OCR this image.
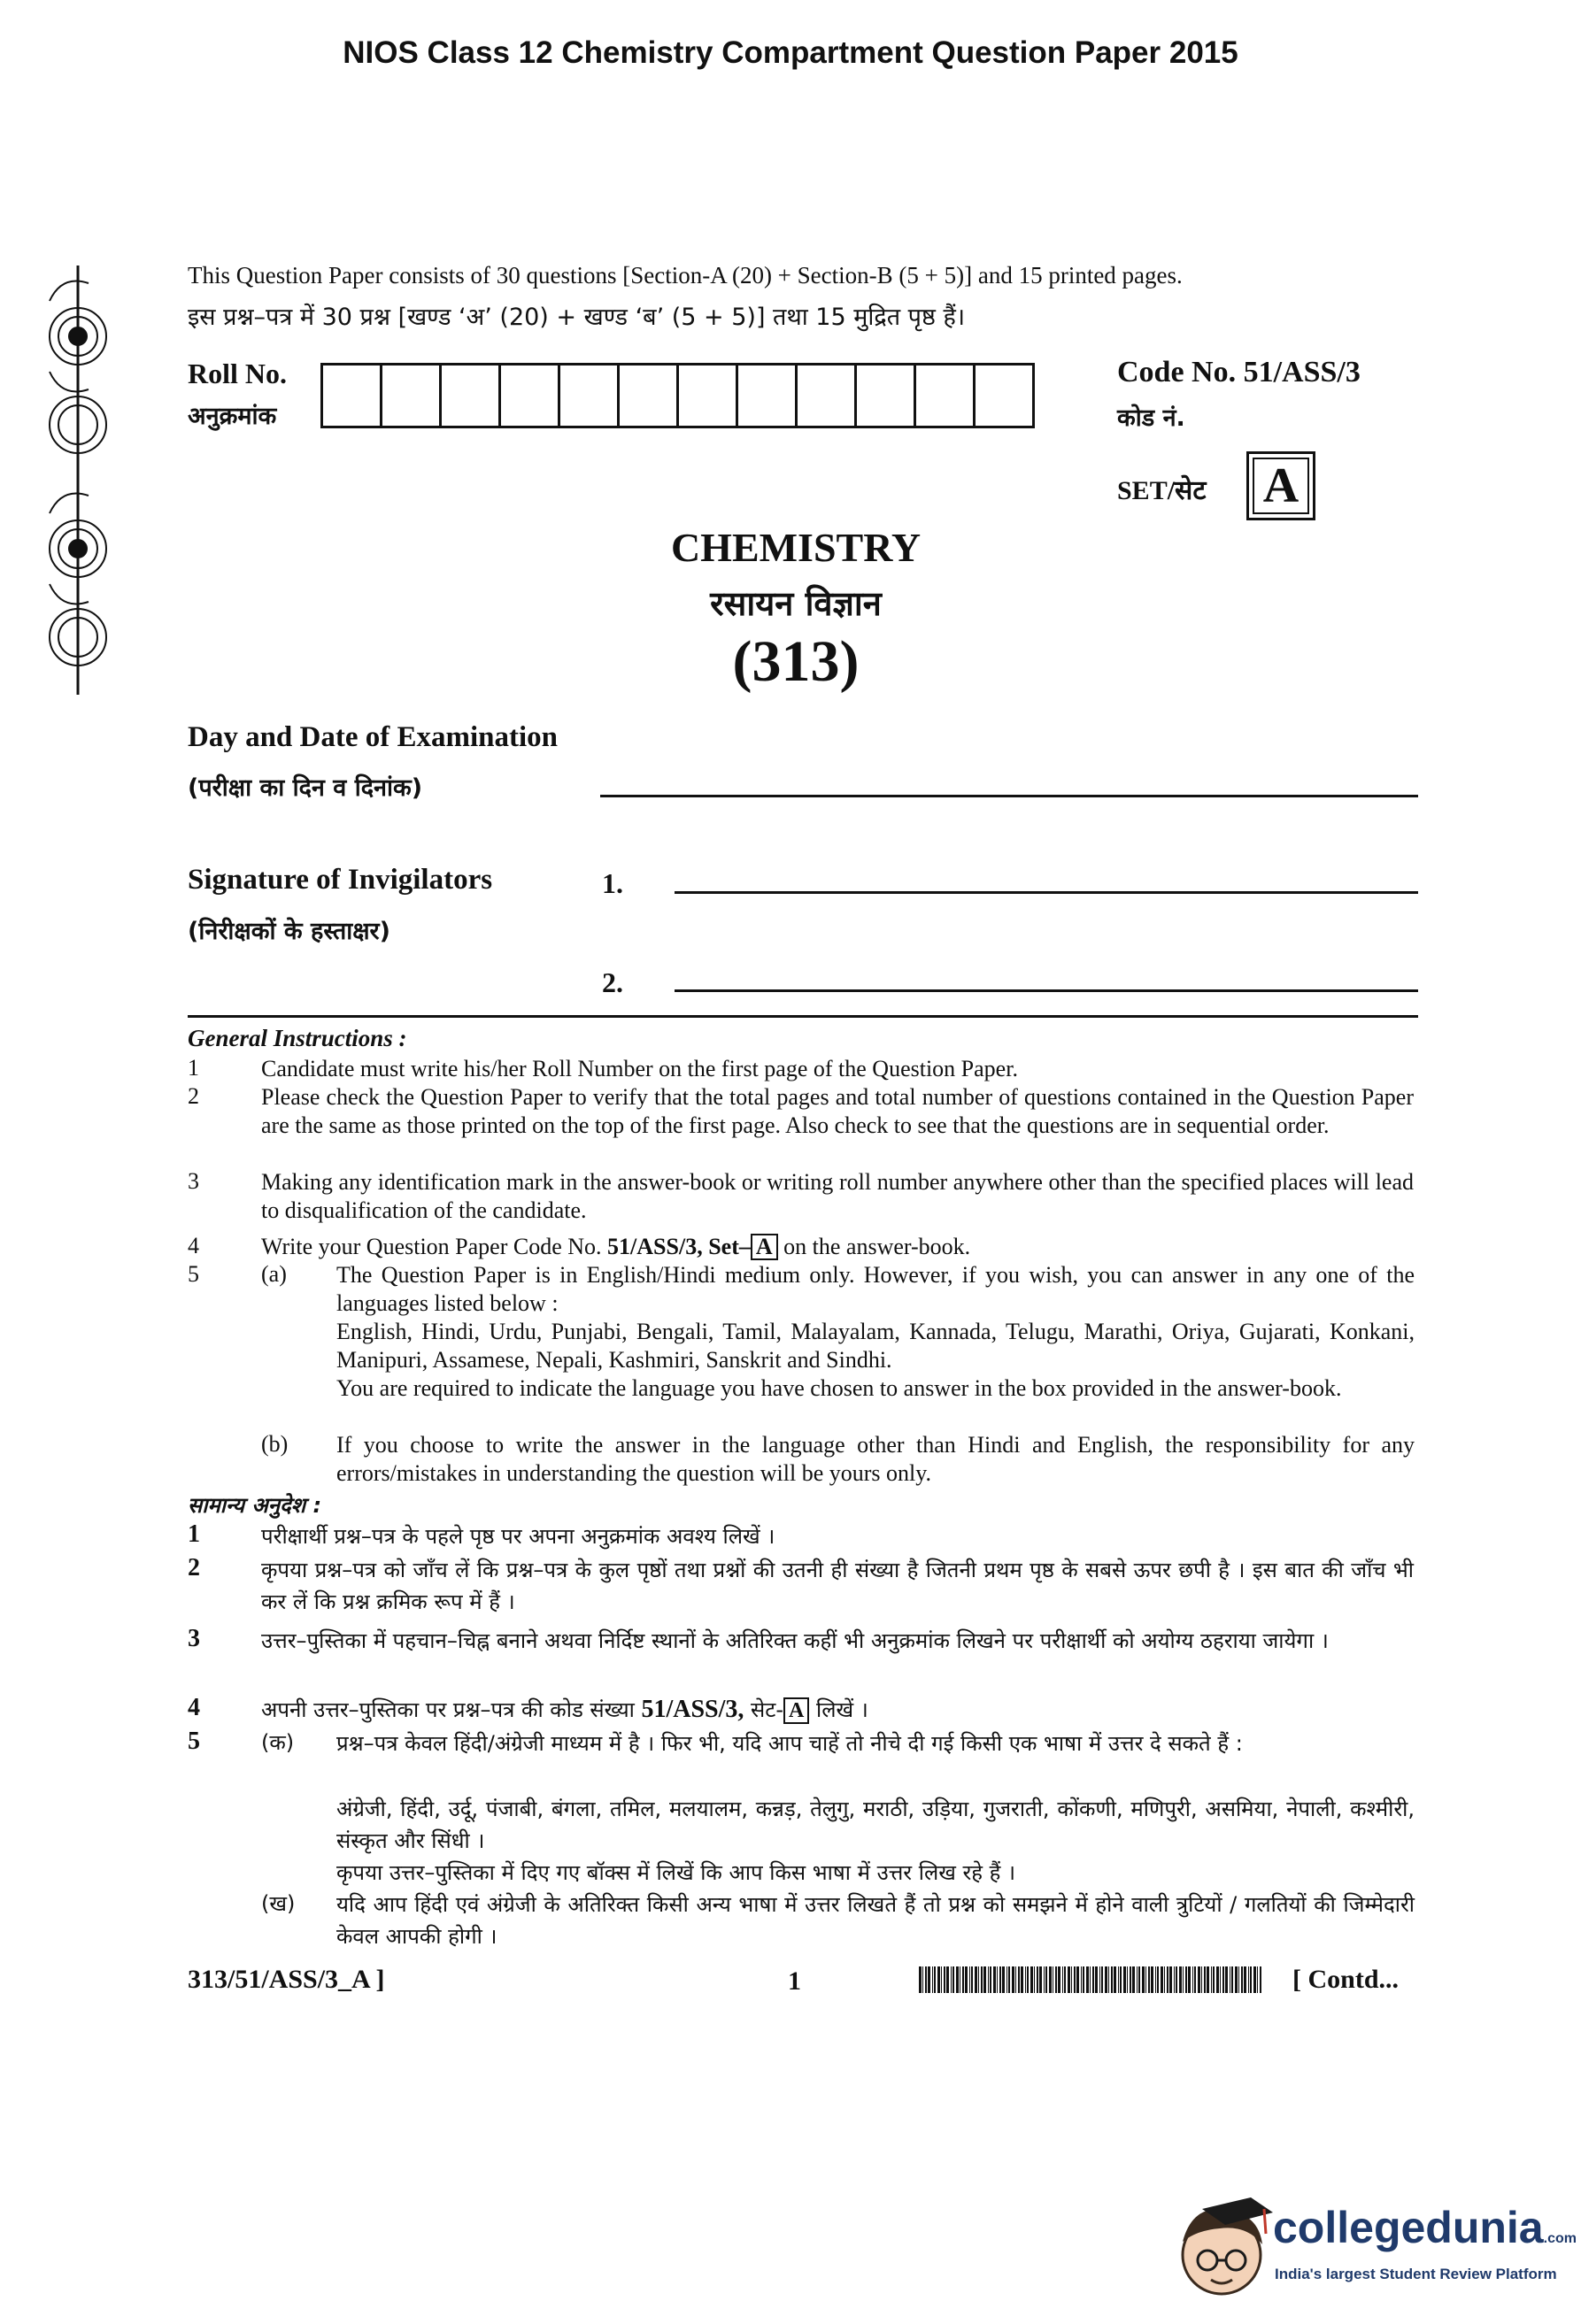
NIOS Class 12 Chemistry Compartment Question Paper 2015
This Question Paper consists of 30 questions [Section-A (20) + Section-B (5 + 5)] and 15 printed pages.
इस प्रश्न–पत्र में 30 प्रश्न [खण्ड ‘अ’ (20) + खण्ड ‘ब’ (5 + 5)] तथा 15 मुद्रित पृष्ठ हैं।
Roll No.
अनुक्रमांक
Code No. 51/ASS/3
कोड नं.
SET/सेट A
CHEMISTRY
रसायन विज्ञान
(313)
Day and Date of Examination
(परीक्षा का दिन व दिनांक)
Signature of Invigilators
(निरीक्षकों के हस्ताक्षर)
1.
2.
General Instructions :
1	Candidate must write his/her Roll Number on the first page of the Question Paper.
2	Please check the Question Paper to verify that the total pages and total number of questions contained in the Question Paper are the same as those printed on the top of the first page. Also check to see that the questions are in sequential order.
3	Making any identification mark in the answer-book or writing roll number anywhere other than the specified places will lead to disqualification of the candidate.
4	Write your Question Paper Code No. 51/ASS/3, Set– A on the answer-book.
5	(a) The Question Paper is in English/Hindi medium only. However, if you wish, you can answer in any one of the languages listed below :
English, Hindi, Urdu, Punjabi, Bengali, Tamil, Malayalam, Kannada, Telugu, Marathi, Oriya, Gujarati, Konkani, Manipuri, Assamese, Nepali, Kashmiri, Sanskrit and Sindhi.
You are required to indicate the language you have chosen to answer in the box provided in the answer-book.
(b) If you choose to write the answer in the language other than Hindi and English, the responsibility for any errors/mistakes in understanding the question will be yours only.
सामान्य अनुदेश :
1	परीक्षार्थी प्रश्न–पत्र के पहले पृष्ठ पर अपना अनुक्रमांक अवश्य लिखें ।
2	कृपया प्रश्न–पत्र को जाँच लें कि प्रश्न–पत्र के कुल पृष्ठों तथा प्रश्नों की उतनी ही संख्या है जितनी प्रथम पृष्ठ के सबसे ऊपर छपी है । इस बात की जाँच भी कर लें कि प्रश्न क्रमिक रूप में हैं ।
3	उत्तर–पुस्तिका में पहचान–चिह्न बनाने अथवा निर्दिष्ट स्थानों के अतिरिक्त कहीं भी अनुक्रमांक लिखने पर परीक्षार्थी को अयोग्य ठहराया जायेगा ।
4	अपनी उत्तर–पुस्तिका पर प्रश्न–पत्र की कोड संख्या 51/ASS/3, सेट- A लिखें ।
5	(क) प्रश्न–पत्र केवल हिंदी/अंग्रेजी माध्यम में है । फिर भी, यदि आप चाहें तो नीचे दी गई किसी एक भाषा में उत्तर दे सकते हैं :
अंग्रेजी, हिंदी, उर्दू, पंजाबी, बंगला, तमिल, मलयालम, कन्नड़, तेलुगु, मराठी, उड़िया, गुजराती, कोंकणी, मणिपुरी, असमिया, नेपाली, कश्मीरी, संस्कृत और सिंधी ।
कृपया उत्तर–पुस्तिका में दिए गए बॉक्स में लिखें कि आप किस भाषा में उत्तर लिख रहे हैं ।
(ख) यदि आप हिंदी एवं अंग्रेजी के अतिरिक्त किसी अन्य भाषा में उत्तर लिखते हैं तो प्रश्न को समझने में होने वाली त्रुटियों / गलतियों की जिम्मेदारी केवल आपकी होगी ।
313/51/ASS/3_A ]	1	[ Contd...
collegedunia.com
India's largest Student Review Platform
